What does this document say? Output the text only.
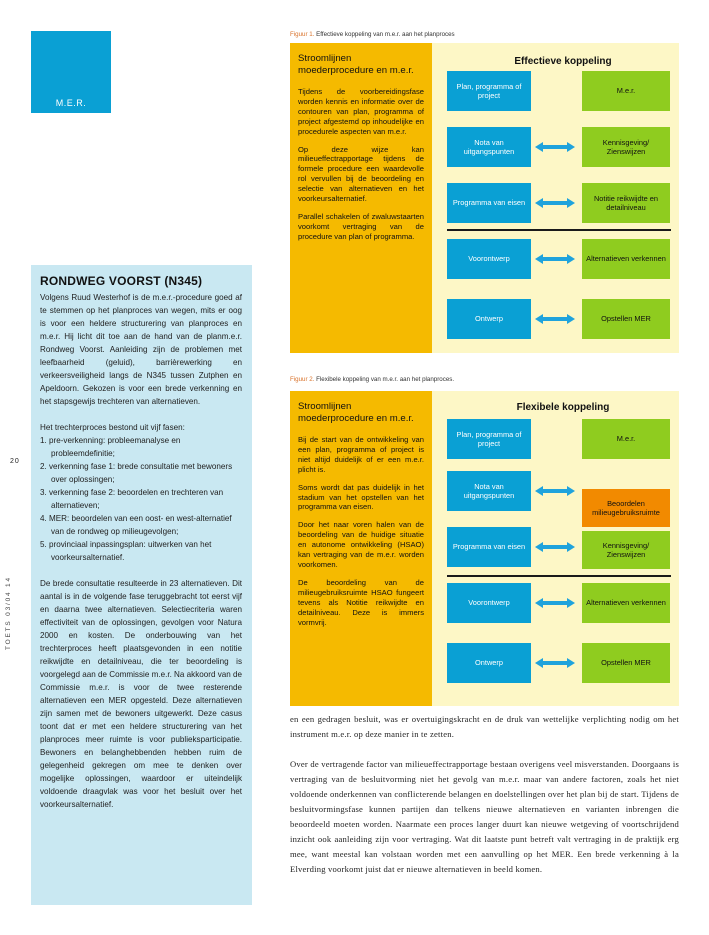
M.E.R.
20
TOETS 03/04 14
RONDWEG VOORST (N345)

Volgens Ruud Westerhof is de m.e.r.-procedure goed af te stemmen op het planproces van wegen, mits er oog is voor een heldere structurering van planproces en m.e.r. Hij licht dit toe aan de hand van de planm.e.r. Rondweg Voorst. Aanleiding zijn de problemen met leefbaarheid (geluid), barrièrewerking en verkeersveiligheid langs de N345 tussen Zutphen en Apeldoorn. Gekozen is voor een brede verkenning en het stapsgewijs trechteren van alternatieven.

Het trechterproces bestond uit vijf fasen:

1. pre-verkenning: probleemanalyse en probleemdefinitie;
2. verkenning fase 1: brede consultatie met bewoners over oplossingen;
3. verkenning fase 2: beoordelen en trechteren van alternatieven;
4. MER: beoordelen van een oost- en west-alternatief van de rondweg op milieugevolgen;
5. provinciaal inpassingsplan: uitwerken van het voorkeursalternatief.

De brede consultatie resulteerde in 23 alternatieven. Dit aantal is in de volgende fase teruggebracht tot eerst vijf en daarna twee alternatieven. Selectiecriteria waren effectiviteit van de oplossingen, gevolgen voor Natura 2000 en kosten. De onderbouwing van het trechterproces heeft plaatsgevonden in een notitie reikwijdte en detailniveau, die ter beoordeling is voorgelegd aan de Commissie m.e.r. Na akkoord van de Commissie m.e.r. is voor de twee resterende alternatieven een MER opgesteld. Deze alternatieven zijn samen met de bewoners uitgewerkt. Deze casus toont dat er met een heldere structurering van het planproces meer ruimte is voor publieksparticipatie. Bewoners en belanghebbenden hebben ruim de gelegenheid gekregen om mee te denken over mogelijke oplossingen, waardoor er uiteindelijk voldoende draagvlak was voor het besluit over het voorkeursalternatief.

Figuur 1. Effectieve koppeling van m.e.r. aan het planproces
Stroomlijnen moederprocedure en m.e.r.

Tijdens de voorbereidingsfase worden kennis en informatie over de contouren van plan, programma of project afgestemd op inhoudelijke en procedurele aspecten van m.e.r.

Op deze wijze kan milieueffectrapportage tijdens de formele procedure een waardevolle rol vervullen bij de beoordeling en selectie van alternatieven en het voorkeursalternatief.

Parallel schakelen of zwaluwstaarten voorkomt vertraging van de procedure van plan of programma.

Effectieve koppeling
Plan, programma of project
Nota van uitgangspunten
Programma van eisen
Voorontwerp
Ontwerp
M.e.r.
Kennisgeving/ Zienswijzen
Notitie reikwijdte en detailniveau
Alternatieven verkennen
Opstellen MER
Figuur 2. Flexibele koppeling van m.e.r. aan het planproces.
Stroomlijnen moederprocedure en m.e.r.

Bij de start van de ontwikkeling van een plan, programma of project is niet altijd duidelijk of er een m.e.r. plicht is.

Soms wordt dat pas duidelijk in het stadium van het opstellen van het programma van eisen.

Door het naar voren halen van de beoordeling van de huidige situatie en autonome ontwikkeling (HSAO) kan vertraging van de m.e.r. worden voorkomen.

De beoordeling van de milieugebruiksruimte HSAO fungeert tevens als Notitie reikwijdte en detailniveau. Deze is immers vormvrij.

Flexibele koppeling
Plan, programma of project
Nota van uitgangspunten
Programma van eisen
Voorontwerp
Ontwerp
M.e.r.
Beoordelen milieugebruiksruimte
Kennisgeving/ Zienswijzen
Alternatieven verkennen
Opstellen MER

en een gedragen besluit, was er overtuigingskracht en de druk van wettelijke verplichting nodig om het instrument m.e.r. op deze manier in te zetten.

Over de vertragende factor van milieueffectrapportage bestaan overigens veel misverstanden. Doorgaans is vertraging van de besluitvorming niet het gevolg van m.e.r. maar van andere factoren, zoals het niet voldoende onderkennen van conflicterende belangen en doelstellingen over het plan bij de start. Tijdens de besluitvormingsfase kunnen partijen dan telkens nieuwe alternatieven en varianten inbrengen die beoordeeld moeten worden. Naarmate een proces langer duurt kan nieuwe wetgeving of voortschrijdend inzicht ook aanleiding zijn voor vertraging. Wat dit laatste punt betreft valt vertraging in de praktijk erg mee, want meestal kan volstaan worden met een aanvulling op het MER. Een brede verkenning à la Elverding voorkomt juist dat er nieuwe alternatieven in beeld komen.
